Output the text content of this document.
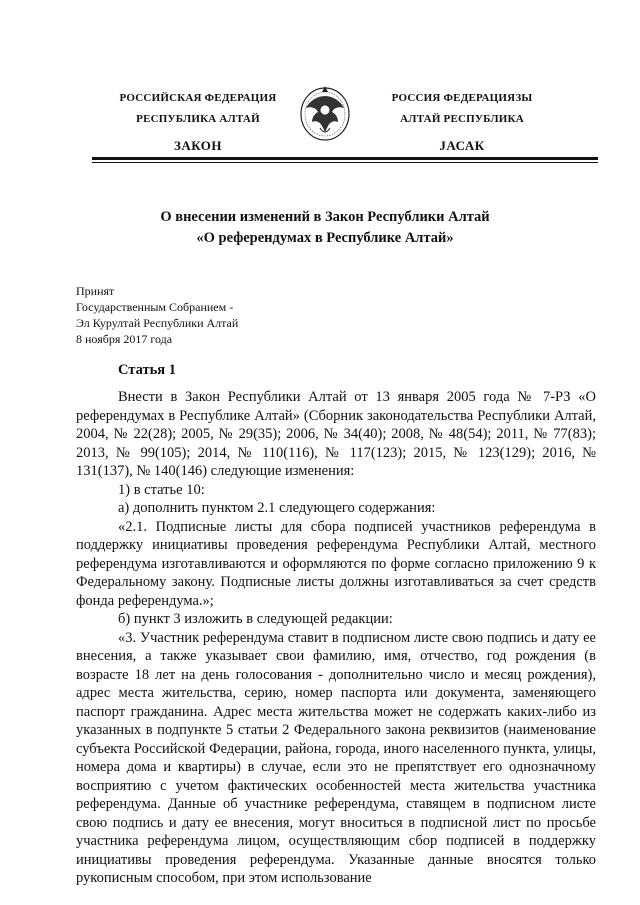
РОССИЙСКАЯ ФЕДЕРАЦИЯ
РЕСПУБЛИКА АЛТАЙ
ЗАКОН
РОССИЯ ФЕДЕРАЦИЯЗЫ
АЛТАЙ РЕСПУБЛИКА
JАСАК
О внесении изменений в Закон Республики Алтай
«О референдумах в Республике Алтай»
Принят
Государственным Собранием -
Эл Курултай Республики Алтай
8 ноября 2017 года
Статья 1

Внести в Закон Республики Алтай от 13 января 2005 года № 7-РЗ «О референдумах в Республике Алтай» (Сборник законодательства Республики Алтай, 2004, № 22(28); 2005, № 29(35); 2006, № 34(40); 2008, № 48(54); 2011, № 77(83); 2013, № 99(105); 2014, № 110(116), № 117(123); 2015, № 123(129); 2016, № 131(137), № 140(146) следующие изменения:

1) в статье 10:

а) дополнить пунктом 2.1 следующего содержания:

«2.1. Подписные листы для сбора подписей участников референдума в поддержку инициативы проведения референдума Республики Алтай, местного референдума изготавливаются и оформляются по форме согласно приложению 9 к Федеральному закону. Подписные листы должны изготавливаться за счет средств фонда референдума.»;

б) пункт 3 изложить в следующей редакции:

«3. Участник референдума ставит в подписном листе свою подпись и дату ее внесения, а также указывает свои фамилию, имя, отчество, год рождения (в возрасте 18 лет на день голосования - дополнительно число и месяц рождения), адрес места жительства, серию, номер паспорта или документа, заменяющего паспорт гражданина. Адрес места жительства может не содержать каких-либо из указанных в подпункте 5 статьи 2 Федерального закона реквизитов (наименование субъекта Российской Федерации, района, города, иного населенного пункта, улицы, номера дома и квартиры) в случае, если это не препятствует его однозначному восприятию с учетом фактических особенностей места жительства участника референдума. Данные об участнике референдума, ставящем в подписном листе свою подпись и дату ее внесения, могут вноситься в подписной лист по просьбе участника референдума лицом, осуществляющим сбор подписей в поддержку инициативы проведения референдума. Указанные данные вносятся только рукописным способом, при этом использование
